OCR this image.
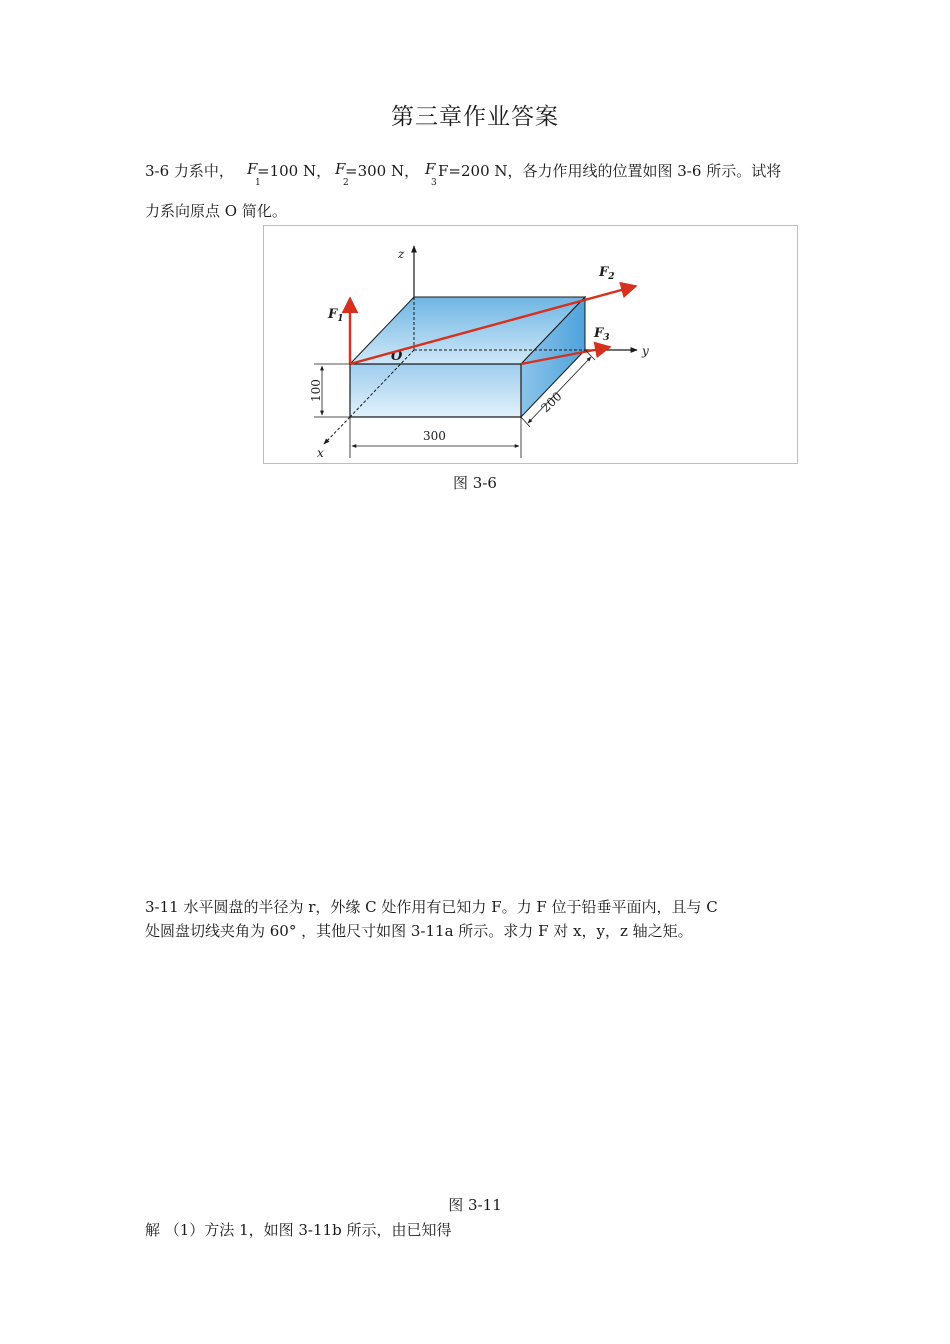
第三章作业答案
3-6 力系中， F
1
=100 N， F
2
=300 N， F
3
F=200 N，各力作用线的位置如图 3-6 所示。试将
力系向原点 O 简化。
z
y
x
O
$F_1$
$F_2$
$F_3$
100
300
200
图 3-6
3-11 水平圆盘的半径为 r，外缘 C 处作用有已知力 F。力 F 位于铅垂平面内，且与 C
处圆盘切线夹角为 60° ，其他尺寸如图 3-11a 所示。求力 F 对 x，y，z 轴之矩。
图 3-11
解 （1）方法 1，如图 3-11b 所示，由已知得
